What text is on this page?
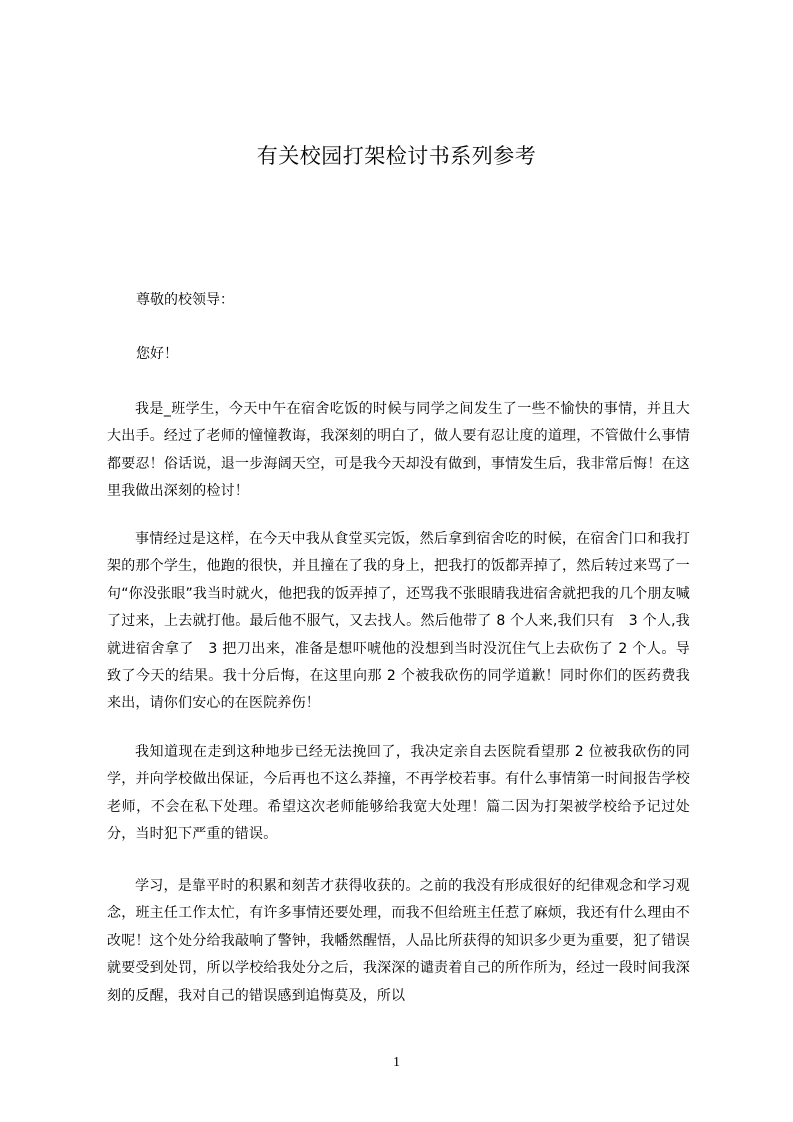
有关校园打架检讨书系列参考
尊敬的校领导：
您好！
我是_班学生，今天中午在宿舍吃饭的时候与同学之间发生了一些不愉快的事情，并且大大出手。经过了老师的憧憧教诲，我深刻的明白了，做人要有忍让度的道理，不管做什么事情都要忍！俗话说，退一步海阔天空，可是我今天却没有做到，事情发生后，我非常后悔！在这里我做出深刻的检讨！
事情经过是这样，在今天中我从食堂买完饭，然后拿到宿舍吃的时候，在宿舍门口和我打架的那个学生，他跑的很快，并且撞在了我的身上，把我打的饭都弄掉了，然后转过来骂了一句“你没张眼”我当时就火，他把我的饭弄掉了，还骂我不张眼睛我进宿舍就把我的几个朋友喊了过来，上去就打他。最后他不服气，又去找人。然后他带了 8 个人来,我们只有　3 个人,我就进宿舍拿了　3 把刀出来，准备是想吓唬他的没想到当时没沉住气上去砍伤了 2 个人。导致了今天的结果。我十分后悔，在这里向那 2 个被我砍伤的同学道歉！同时你们的医药费我来出，请你们安心的在医院养伤！
我知道现在走到这种地步已经无法挽回了，我决定亲自去医院看望那 2 位被我砍伤的同学，并向学校做出保证，今后再也不这么莽撞，不再学校若事。有什么事情第一时间报告学校老师，不会在私下处理。希望这次老师能够给我宽大处理！篇二因为打架被学校给予记过处分，当时犯下严重的错误。
学习，是靠平时的积累和刻苦才获得收获的。之前的我没有形成很好的纪律观念和学习观念，班主任工作太忙，有许多事情还要处理，而我不但给班主任惹了麻烦，我还有什么理由不改呢！这个处分给我敲响了警钟，我幡然醒悟，人品比所获得的知识多少更为重要，犯了错误就要受到处罚，所以学校给我处分之后，我深深的谴责着自己的所作所为，经过一段时间我深刻的反醒，我对自己的错误感到追悔莫及，所以
1
